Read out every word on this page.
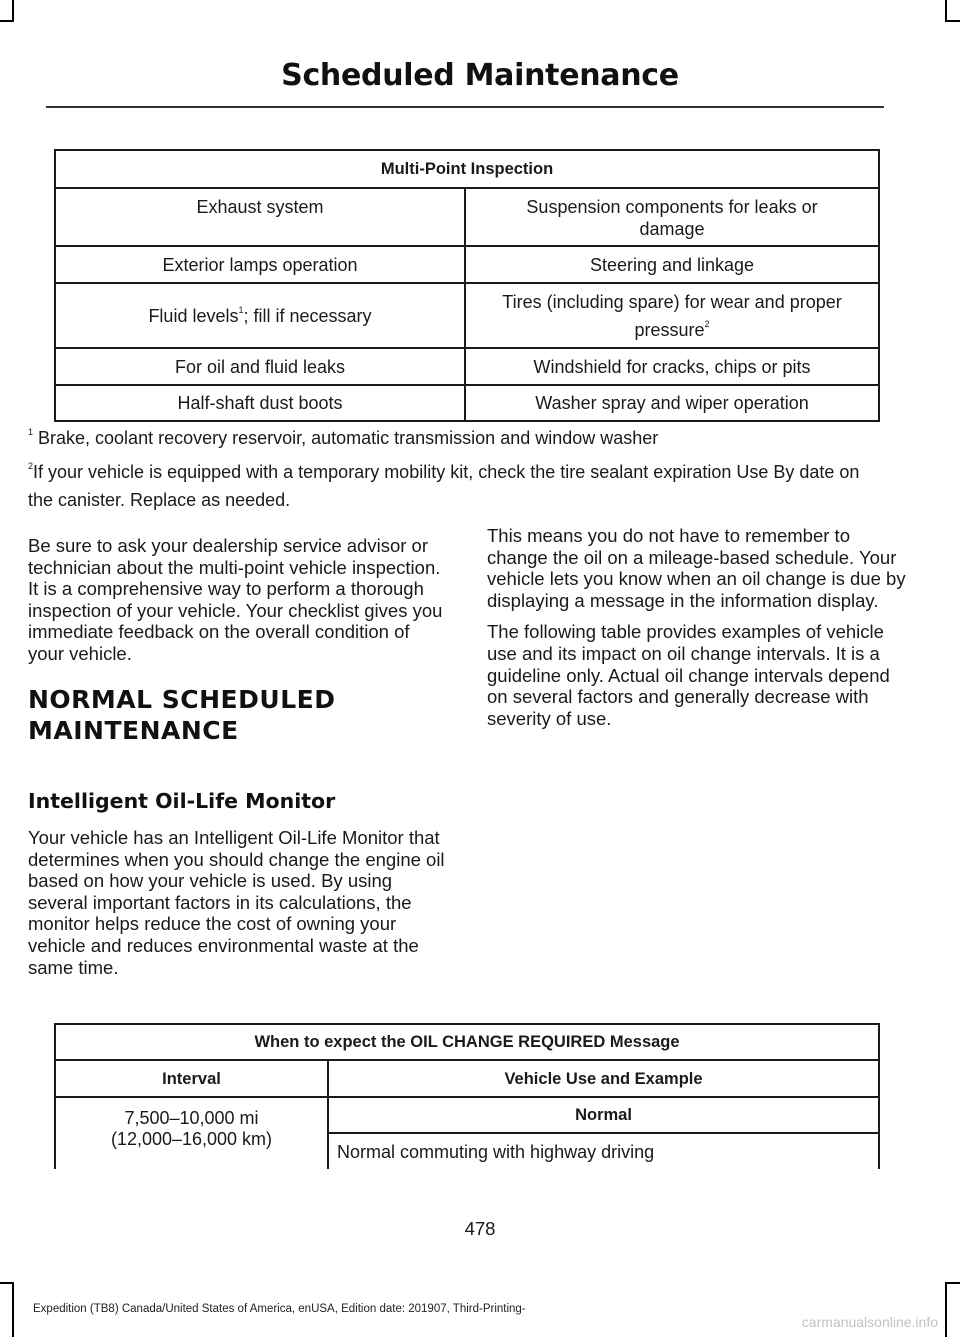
Scheduled Maintenance
Multi-Point Inspection	
Exhaust system	Suspension components for leaks or damage
Exterior lamps operation	Steering and linkage
Fluid levels$^1$; fill if necessary	Tires (including spare) for wear and proper pressure$^2$
For oil and fluid leaks	Windshield for cracks, chips or pits
Half-shaft dust boots	Washer spray and wiper operation
$^1$ Brake, coolant recovery reservoir, automatic transmission and window washer
$^2$If your vehicle is equipped with a temporary mobility kit, check the tire sealant expiration Use By date on the canister. Replace as needed.

Be sure to ask your dealership service advisor or technician about the multi-point vehicle inspection. It is a comprehensive way to perform a thorough inspection of your vehicle. Your checklist gives you immediate feedback on the overall condition of your vehicle.

NORMAL SCHEDULED MAINTENANCE
Intelligent Oil-Life Monitor

Your vehicle has an Intelligent Oil-Life Monitor that determines when you should change the engine oil based on how your vehicle is used. By using several important factors in its calculations, the monitor helps reduce the cost of owning your vehicle and reduces environmental waste at the same time.

This means you do not have to remember to change the oil on a mileage-based schedule. Your vehicle lets you know when an oil change is due by displaying a message in the information display.

The following table provides examples of vehicle use and its impact on oil change intervals. It is a guideline only. Actual oil change intervals depend on several factors and generally decrease with severity of use.

When to expect the OIL CHANGE REQUIRED Message	
Interval	Vehicle Use and Example

7,500–10,000 mi
(12,000–16,000 km)	Normal
	Normal commuting with highway driving
478
Expedition (TB8) Canada/United States of America, enUSA, Edition date: 201907, Third-Printing-
carmanualsonline.info
